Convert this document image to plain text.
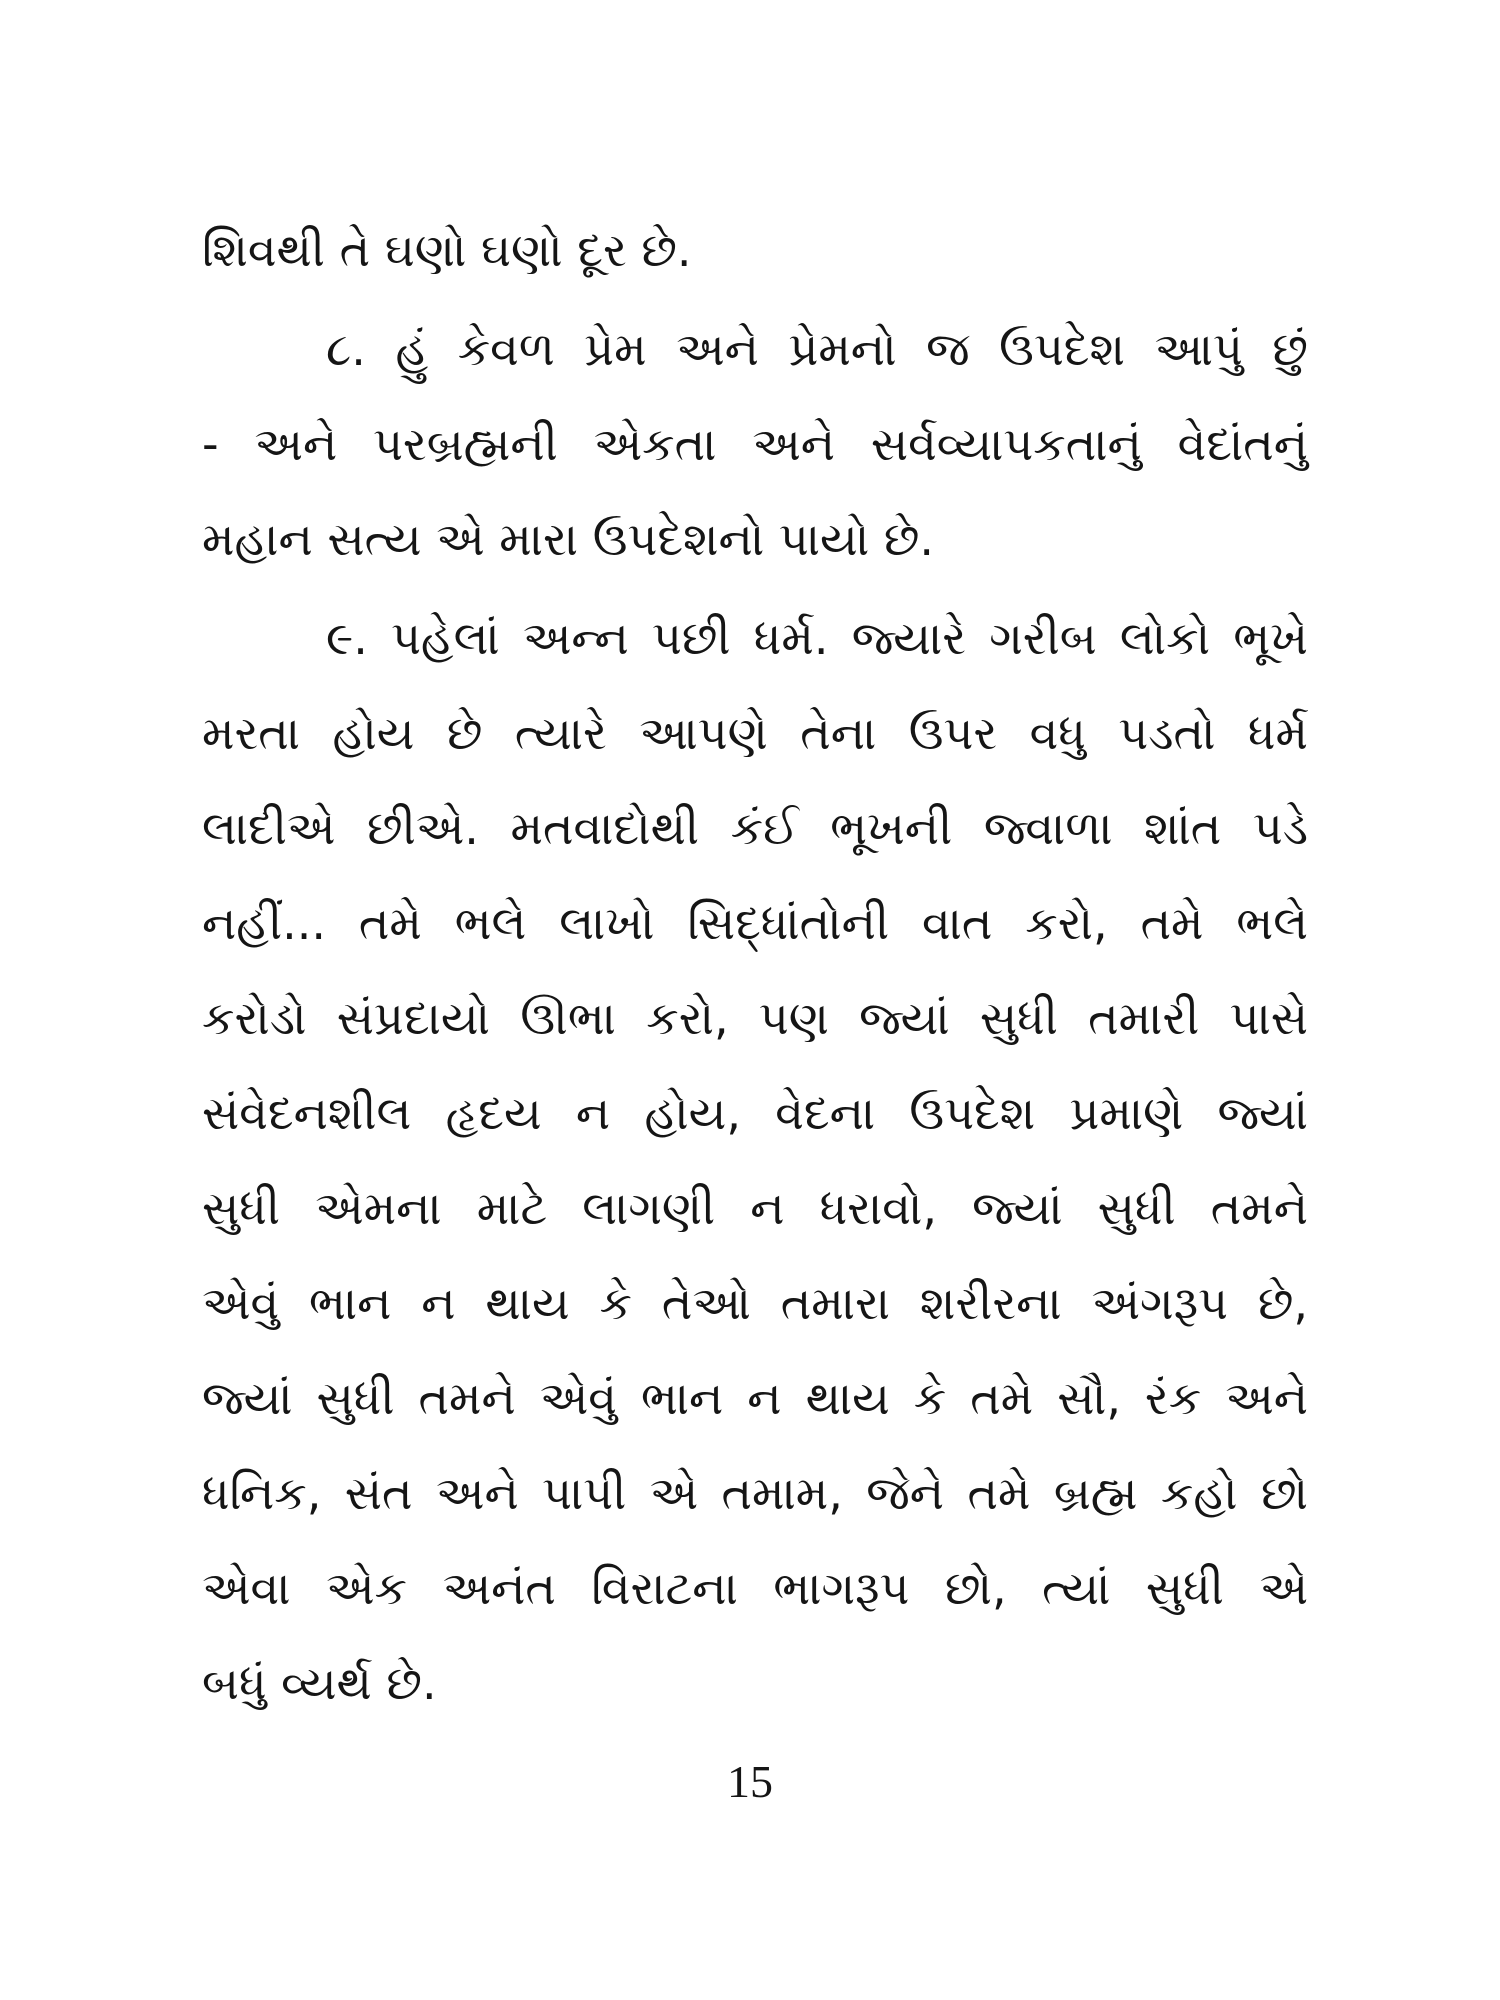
શિવથી તે ઘણો ઘણો દૂર છે.
૮. હું કેવળ પ્રેમ અને પ્રેમનો જ ઉપદેશ આપું છું
- અને પરબ્રહ્મની એકતા અને સર્વવ્યાપકતાનું વેદાંતનું
મહાન સત્ય એ મારા ઉપદેશનો પાયો છે.
૯. પહેલાં અન્ન પછી ધર્મ. જ્યારે ગરીબ લોકો ભૂખે
મરતા હોય છે ત્યારે આપણે તેના ઉપર વધુ પડતો ધર્મ
લાદીએ છીએ. મતવાદોથી કંઈ ભૂખની જ્વાળા શાંત પડે
નહીં... તમે ભલે લાખો સિદ્ધાંતોની વાત કરો, તમે ભલે
કરોડો સંપ્રદાયો ઊભા કરો, પણ જ્યાં સુધી તમારી પાસે
સંવેદનશીલ હૃદય ન હોય, વેદના ઉપદેશ પ્રમાણે જ્યાં
સુધી એમના માટે લાગણી ન ધરાવો, જ્યાં સુધી તમને
એવું ભાન ન થાય કે તેઓ તમારા શરીરના અંગરૂપ છે,
જ્યાં સુધી તમને એવું ભાન ન થાય કે તમે સૌ, રંક અને
ધનિક, સંત અને પાપી એ તમામ, જેને તમે બ્રહ્મ કહો છો
એવા એક અનંત વિરાટના ભાગરૂપ છો, ત્યાં સુધી એ
બધું વ્યર્થ છે.
15
